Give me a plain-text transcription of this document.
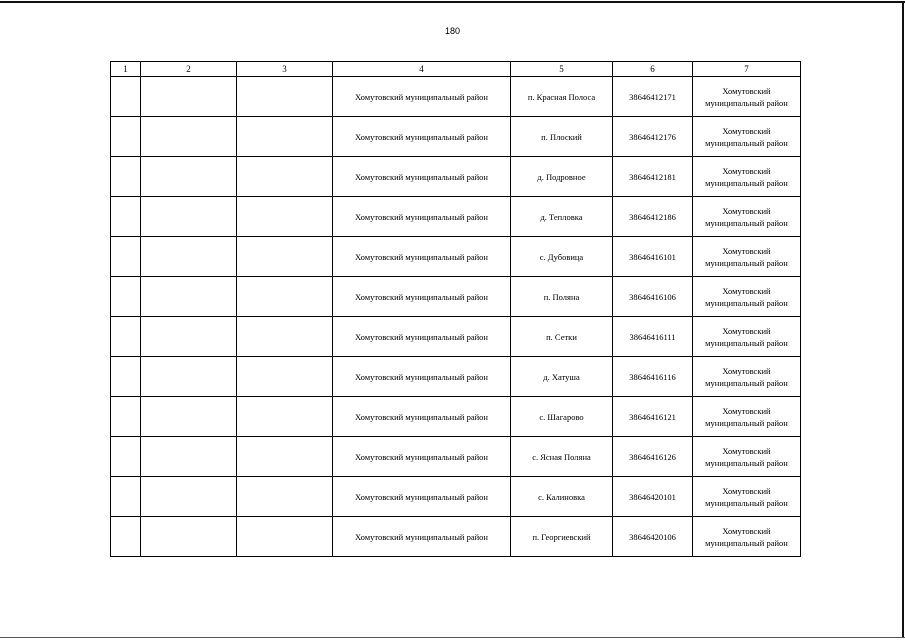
180
1	2	3	4	5	6	7
			Хомутовский муниципальный район	п. Красная Полоса	38646412171	Хомутовский муниципальный район
			Хомутовский муниципальный район	п. Плоский	38646412176	Хомутовский муниципальный район
			Хомутовский муниципальный район	д. Подровное	38646412181	Хомутовский муниципальный район
			Хомутовский муниципальный район	д. Тепловка	38646412186	Хомутовский муниципальный район
			Хомутовский муниципальный район	с. Дубовица	38646416101	Хомутовский муниципальный район
			Хомутовский муниципальный район	п. Поляна	38646416106	Хомутовский муниципальный район
			Хомутовский муниципальный район	п. Сетки	38646416111	Хомутовский муниципальный район
			Хомутовский муниципальный район	д. Хатуша	38646416116	Хомутовский муниципальный район
			Хомутовский муниципальный район	с. Шагарово	38646416121	Хомутовский муниципальный район
			Хомутовский муниципальный район	с. Ясная Поляна	38646416126	Хомутовский муниципальный район
			Хомутовский муниципальный район	с. Калиновка	38646420101	Хомутовский муниципальный район
			Хомутовский муниципальный район	п. Георгиевский	38646420106	Хомутовский муниципальный район
